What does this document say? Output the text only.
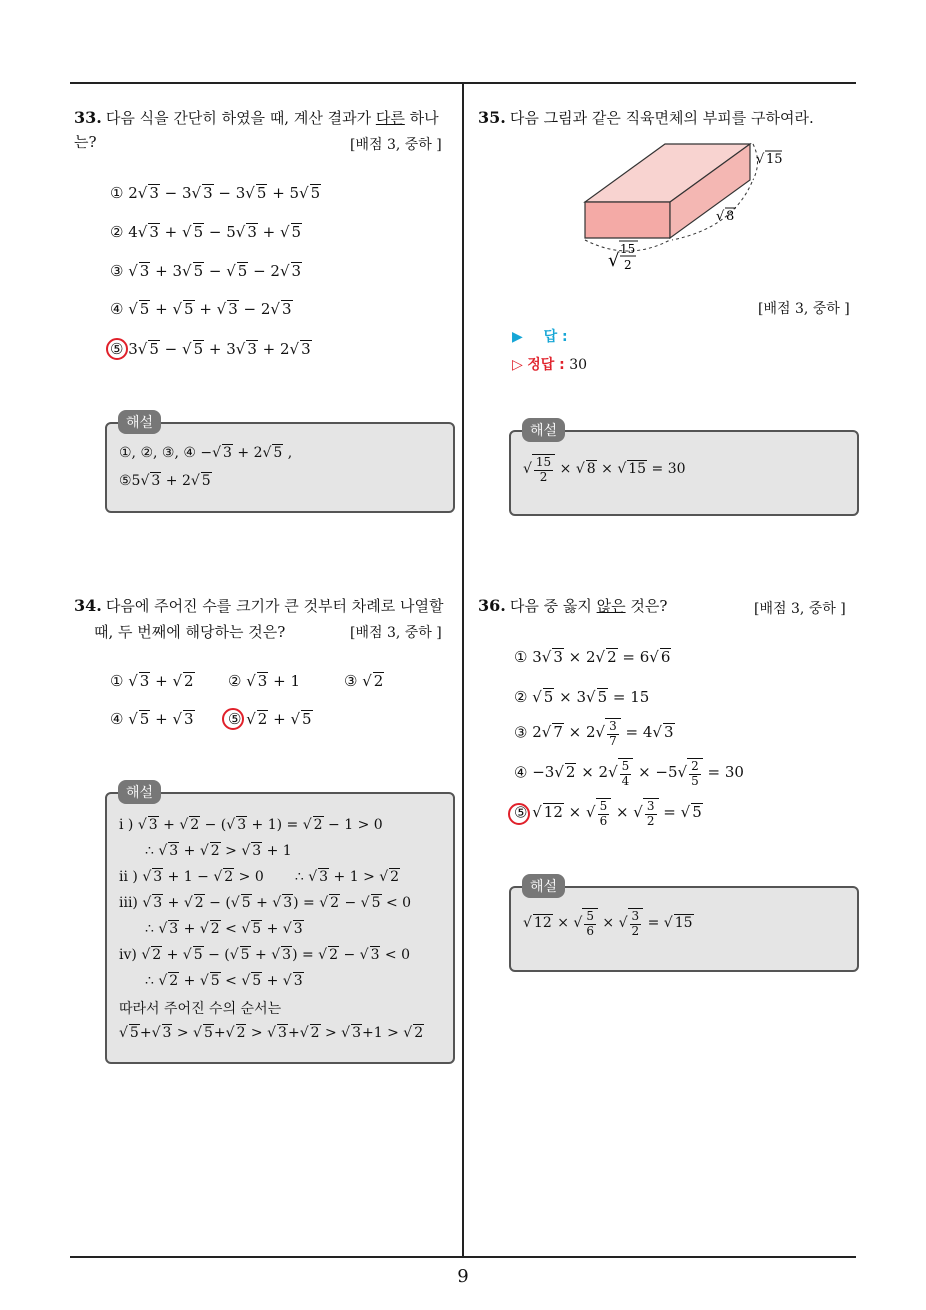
9
33. 다음 식을 간단히 하였을 때, 계산 결과가 다른 하나는?	[배점 3, 중하 ]
① 2√ 3 − 3√ 3 − 3√ 5 + 5√ 5
② 4√ 3 + √ 5 − 5√ 3 + √ 5
③ √ 3 + 3√ 5 − √ 5 − 2√ 3
④ √ 5 + √ 5 + √ 3 − 2√ 3
⑤ 3√ 5 − √ 5 + 3√ 3 + 2√ 3
①, ②, ③, ④ −√ 3 + 2√ 5 ,
⑤5√ 3 + 2√ 5
해설
34. 다음에 주어진 수를 크기가 큰 것부터 차례로 나열할
때, 두 번째에 해당하는 것은?	[배점 3, 중하 ]
① √ 3 + √ 2 ② √ 3 + 1	③ √ 2
④ √ 5 + √ 3 ⑤ √ 2 + √ 5
i ) √ 3 + √ 2 − (√ 3 + 1) = √ 2 − 1 > 0
∴ √ 3 + √ 2 > √ 3 + 1
ii ) √ 3 + 1 − √ 2 > 0       ∴ √ 3 + 1 > √ 2
iii) √ 3 + √ 2 − (√ 5 + √ 3) = √ 2 − √ 5 < 0
∴ √ 3 + √ 2 < √ 5 + √ 3
iv) √ 2 + √ 5 − (√ 5 + √ 3) = √ 2 − √ 3 < 0
∴ √ 2 + √ 5 < √ 5 + √ 3
따라서 주어진 수의 순서는
√ 5+√ 3 > √ 5+√ 2 > √ 3+√ 2 > √ 3+1 > √ 2
해설
35. 다음 그림과 같은 직육면체의 부피를 구하여라.
√ 15
√ 8
√
15
2
[배점 3, 중하 ]
▶ 답 :
▷ 정답 : 30
√ $\frac{15}{2}$ × √ 8 × √ 15 = 30
해설
36. 다음 중 옳지 않은 것은?	[배점 3, 중하 ]
① 3√ 3 × 2√ 2 = 6√ 6
② √ 5 × 3√ 5 = 15
③ 2√ $7 \times 2√ \frac{3}{7} = 4√$ 3
④ −3√ $2 \times 2√ \frac{5}{4} \times -5√ \frac{2}{5} = 30$
⑤ √ 12 × √ $\frac{5}{6}$ × √ $\frac{3}{2}$ = √ 5
√ 12 × √ $\frac{5}{6}$ × √ $\frac{3}{2}$ = √ 15
해설
